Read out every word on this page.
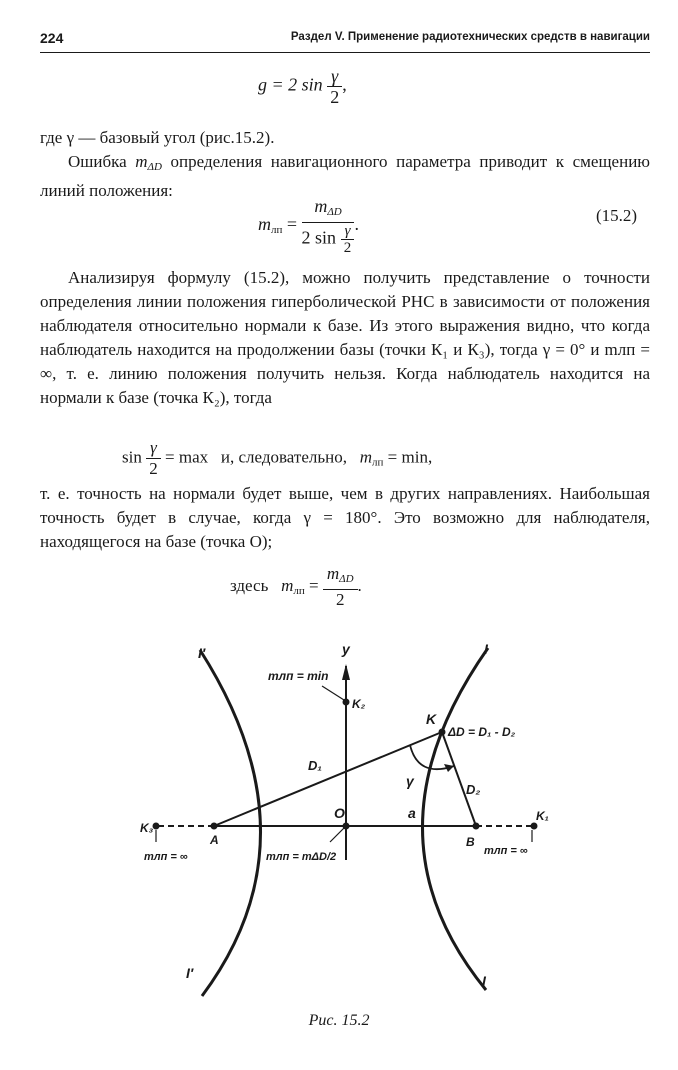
224	Раздел V. Применение радиотехнических средств в навигации
g = 2 $\sin \frac{\gamma}{2}$ ,

где γ — базовый угол (рис.15.2).

Ошибка $m_{\Delta D}$ определения навигационного параметра приводит к смещению линий положения:

$m_{лп} = \frac{m_{\Delta D}}{2 \sin \frac{\gamma}{2}}$ .	(15.2)

Анализируя формулу (15.2), можно получить представление о точности определения линии положения гиперболической РНС в зависимости от положения наблюдателя относительно нормали к базе. Из этого выражения видно, что когда наблюдатель находится на продолжении базы (точки К₁ и К₃), тогда γ = 0° и mлп = ∞, т. е. линию положения получить нельзя. Когда наблюдатель находится на нормали к базе (точка К₂), тогда

$\sin \frac{\gamma}{2} = \max и$, следовательно, $m_{лп} = \min$,

т. е. точность на нормали будет выше, чем в других направлениях. Наибольшая точность будет в случае, когда γ = 180°. Это возможно для наблюдателя, находящегося на базе (точка О);

здесь $m_{лп} = \frac{m_{\Delta D}}{2}$ .
I′	I
I′	I
y
mлп = min
K₂
K
ΔD = D₁ - D₂
D₁
D₂
γ
O	a
K₃
K₁
A	B
mлп = ∞	mлп = ∞
mлп = mΔD/2
Рис. 15.2
